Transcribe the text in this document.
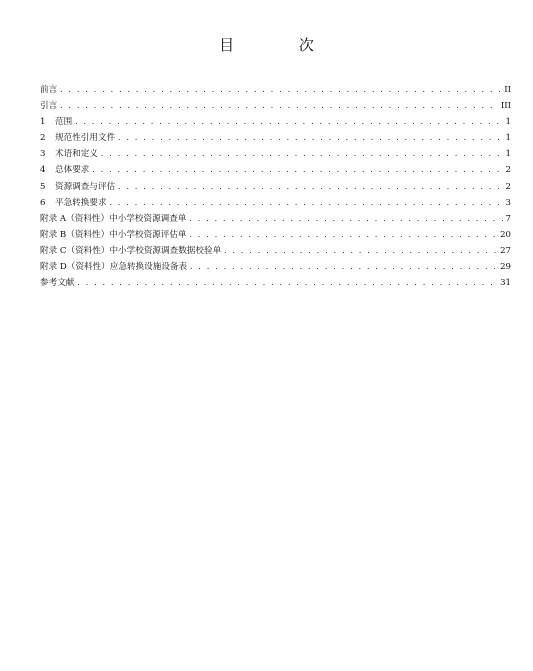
目 次
前言 . . .	II
引言 . . .	III
1	范围 . . .	1
2	规范性引用文件 . . .	1
3	术语和定义 . . .	1
4	总体要求 . . .	2
5	资源调查与评估 . . .	2
6	平急转换要求 . . .	3
附录 A（资料性）中小学校资源调查单 . . .	7
附录 B（资料性）中小学校资源评估单 . . .	20
附录 C（资料性）中小学校资源调查数据校验单 . . .	27
附录 D（资料性）应急转换设施设备表 . . .	29
参考文献 . . .	31
